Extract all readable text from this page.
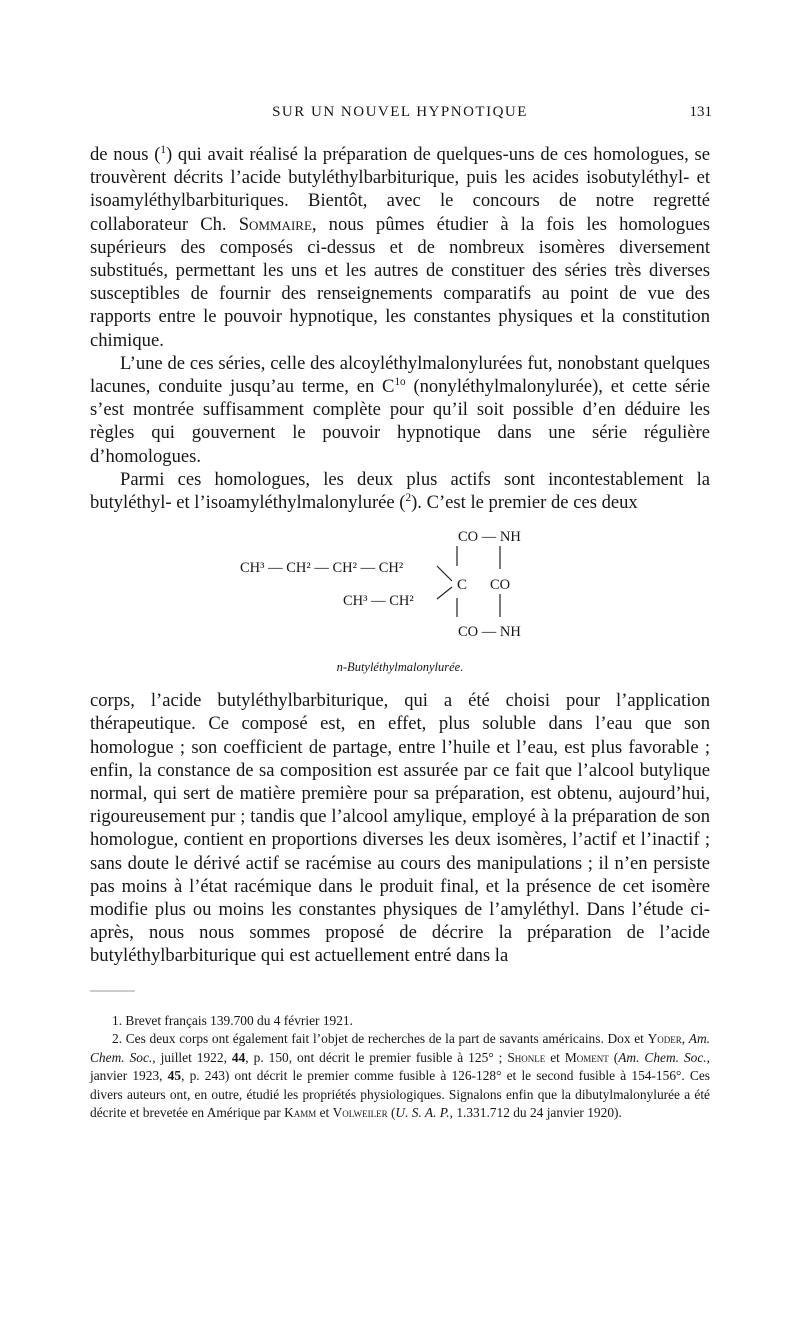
SUR UN NOUVEL HYPNOTIQUE	131

de nous ($^1$) qui avait réalisé la préparation de quelques-uns de ces homologues, se trouvèrent décrits l’acide butyléthylbarbiturique, puis les acides isobutyléthyl- et isoamyléthylbarbituriques. Bientôt, avec le concours de notre regretté collaborateur Ch. Sommaire, nous pûmes étudier à la fois les homologues supérieurs des composés ci-dessus et de nombreux isomères diversement substitués, permettant les uns et les autres de constituer des séries très diverses susceptibles de fournir des renseignements comparatifs au point de vue des rapports entre le pouvoir hypnotique, les constantes physiques et la constitution chimique.

L’une de ces séries, celle des alcoyléthylmalonylurées fut, nonobstant quelques lacunes, conduite jusqu’au terme, en $C^{1o}$ (nonyléthylmalonylurée), et cette série s’est montrée suffisamment complète pour qu’il soit possible d’en déduire les règles qui gouvernent le pouvoir hypnotique dans une série régulière d’homologues.

Parmi ces homologues, les deux plus actifs sont incontestablement la butyléthyl- et l’isoamyléthylmalonylurée ($^2$). C’est le premier de ces deux

CO — NH
CH³ — CH² — CH² — CH²
C CO
CH³ — CH²
CO — NH
n-Butyléthylmalonylurée.

corps, l’acide butyléthylbarbiturique, qui a été choisi pour l’application thérapeutique. Ce composé est, en effet, plus soluble dans l’eau que son homologue ; son coefficient de partage, entre l’huile et l’eau, est plus favorable ; enfin, la constance de sa composition est assurée par ce fait que l’alcool butylique normal, qui sert de matière première pour sa préparation, est obtenu, aujourd’hui, rigoureusement pur ; tandis que l’alcool amylique, employé à la préparation de son homologue, contient en proportions diverses les deux isomères, l’actif et l’inactif ; sans doute le dérivé actif se racémise au cours des manipulations ; il n’en persiste pas moins à l’état racémique dans le produit final, et la présence de cet isomère modifie plus ou moins les constantes physiques de l’amyléthyl. Dans l’étude ci-après, nous nous sommes proposé de décrire la préparation de l’acide butyléthylbarbiturique qui est actuellement entré dans la

1. Brevet français 139.700 du 4 février 1921.

2. Ces deux corps ont également fait l’objet de recherches de la part de savants américains. Dox et Yoder, Am. Chem. Soc., juillet 1922, 44, p. 150, ont décrit le premier fusible à 125° ; Shonle et Moment (Am. Chem. Soc., janvier 1923, 45, p. 243) ont décrit le premier comme fusible à 126-128° et le second fusible à 154-156°. Ces divers auteurs ont, en outre, étudié les propriétés physiologiques. Signalons enfin que la dibutylmalonylurée a été décrite et brevetée en Amérique par Kamm et Volweiler (U. S. A. P., 1.331.712 du 24 janvier 1920).
